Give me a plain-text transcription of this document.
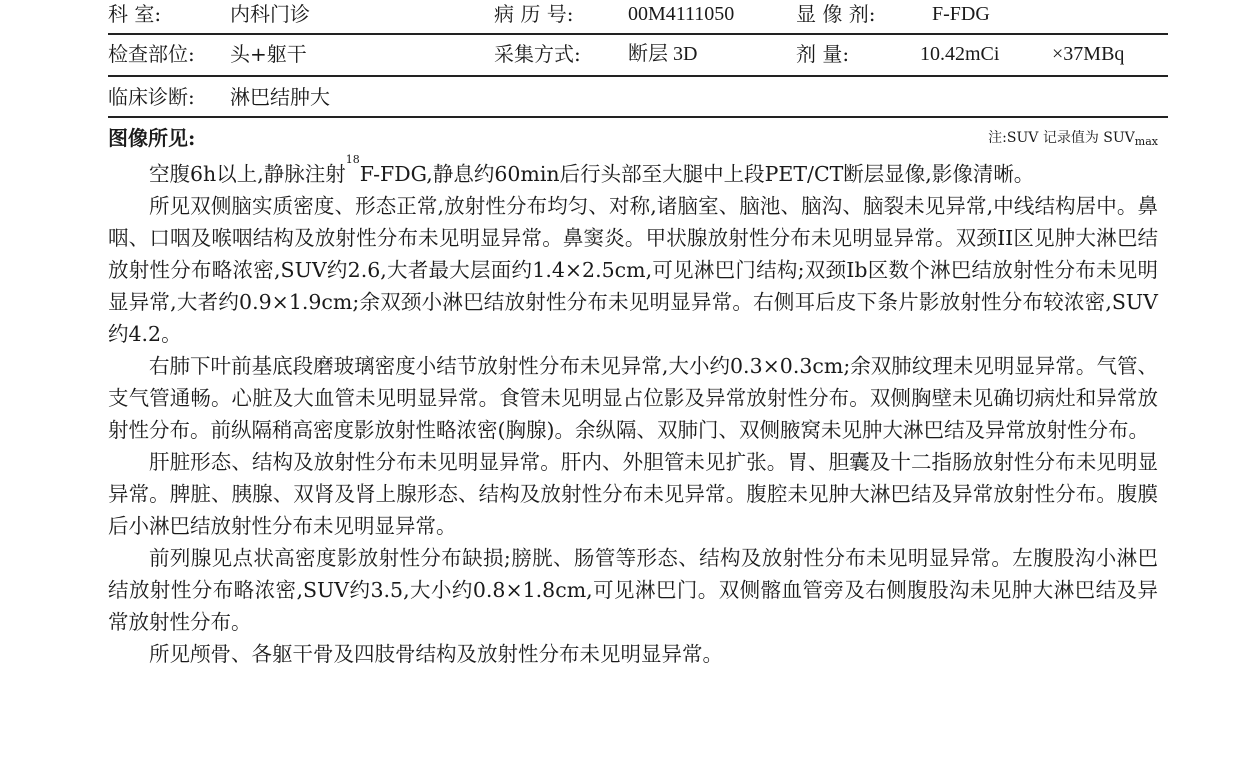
科 室:	内科门诊	病 历 号:	00M4111050	显 像 剂:	F-FDG
检查部位: 头+躯干	采集方式: 断层 3D	剂 量:	10.42mCi	×37MBq
临床诊断: 淋巴结肿大
图像所见:	注:SUV 记录值为 $SUV_{max}$

空腹6h以上,静脉注射$^{18}$F-FDG,静息约60min后行头部至大腿中上段PET/CT断层显像,影像清晰。

所见双侧脑实质密度、形态正常,放射性分布均匀、对称,诸脑室、脑池、脑沟、脑裂未见异常,中线结构居中。鼻咽、口咽及喉咽结构及放射性分布未见明显异常。鼻窦炎。甲状腺放射性分布未见明显异常。双颈II区见肿大淋巴结放射性分布略浓密,SUV约2.6,大者最大层面约1.4×2.5cm,可见淋巴门结构;双颈Ib区数个淋巴结放射性分布未见明显异常,大者约0.9×1.9cm;余双颈小淋巴结放射性分布未见明显异常。右侧耳后皮下条片影放射性分布较浓密,SUV约4.2。

右肺下叶前基底段磨玻璃密度小结节放射性分布未见异常,大小约0.3×0.3cm;余双肺纹理未见明显异常。气管、支气管通畅。心脏及大血管未见明显异常。食管未见明显占位影及异常放射性分布。双侧胸壁未见确切病灶和异常放射性分布。前纵隔稍高密度影放射性略浓密(胸腺)。余纵隔、双肺门、双侧腋窝未见肿大淋巴结及异常放射性分布。

肝脏形态、结构及放射性分布未见明显异常。肝内、外胆管未见扩张。胃、胆囊及十二指肠放射性分布未见明显异常。脾脏、胰腺、双肾及肾上腺形态、结构及放射性分布未见异常。腹腔未见肿大淋巴结及异常放射性分布。腹膜后小淋巴结放射性分布未见明显异常。

前列腺见点状高密度影放射性分布缺损;膀胱、肠管等形态、结构及放射性分布未见明显异常。左腹股沟小淋巴结放射性分布略浓密,SUV约3.5,大小约0.8×1.8cm,可见淋巴门。双侧髂血管旁及右侧腹股沟未见肿大淋巴结及异常放射性分布。

所见颅骨、各躯干骨及四肢骨结构及放射性分布未见明显异常。
